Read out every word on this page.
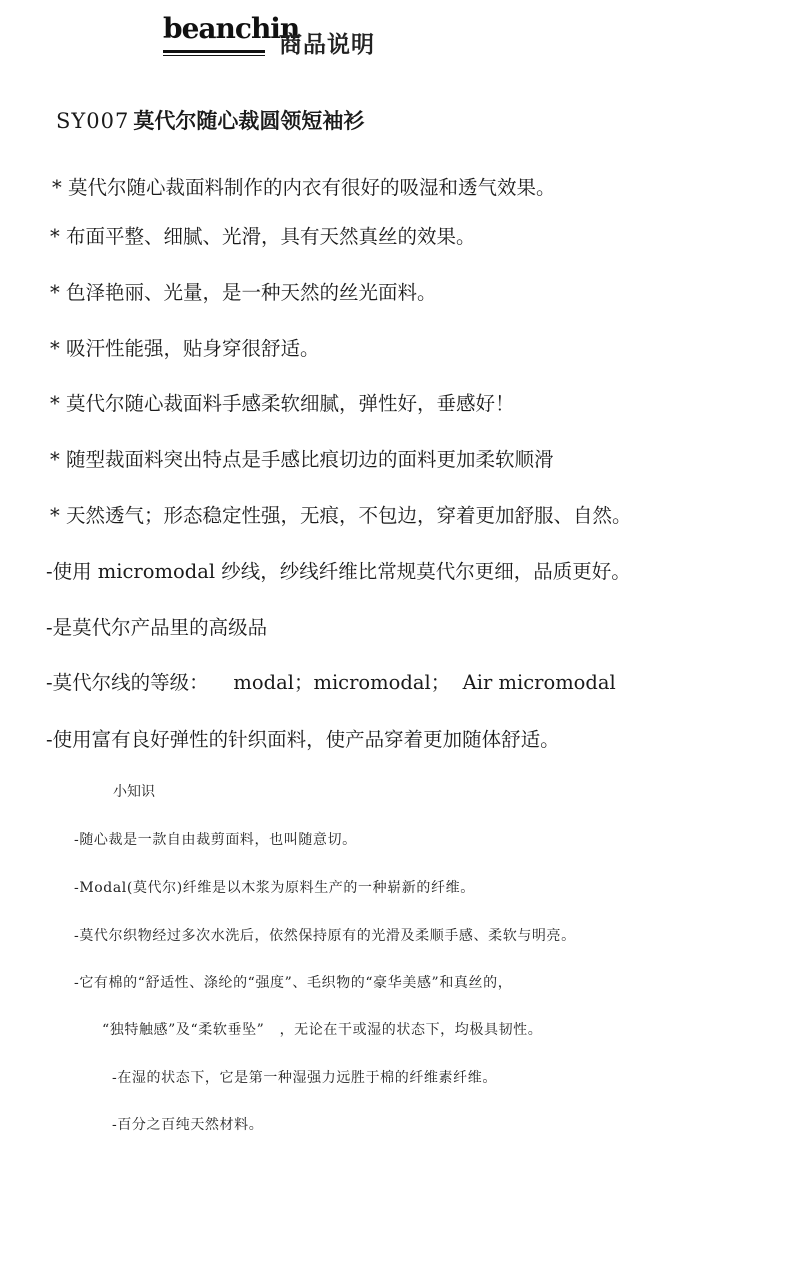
beanchin
商品说明
SY007 莫代尔随心裁圆领短袖衫
* 莫代尔随心裁面料制作的内衣有很好的吸湿和透气效果。
* 布面平整、细腻、光滑，具有天然真丝的效果。
* 色泽艳丽、光量，是一种天然的丝光面料。
* 吸汗性能强，贴身穿很舒适。
* 莫代尔随心裁面料手感柔软细腻，弹性好，垂感好！
* 随型裁面料突出特点是手感比痕切边的面料更加柔软顺滑
* 天然透气；形态稳定性强，无痕，不包边，穿着更加舒服、自然。
-使用 micromodal 纱线，纱线纤维比常规莫代尔更细，品质更好。
-是莫代尔产品里的高级品
-莫代尔线的等级：    modal；micromodal；  Air micromodal
-使用富有良好弹性的针织面料，使产品穿着更加随体舒适。
小知识
-随心裁是一款自由裁剪面料，也叫随意切。
-Modal(莫代尔)纤维是以木浆为原料生产的一种崭新的纤维。
-莫代尔织物经过多次水洗后，依然保持原有的光滑及柔顺手感、柔软与明亮。
-它有棉的“舒适性、涤纶的“强度”、毛织物的“豪华美感”和真丝的，
“独特触感”及“柔软垂坠”   ，无论在干或湿的状态下，均极具韧性。
-在湿的状态下，它是第一种湿强力远胜于棉的纤维素纤维。
-百分之百纯天然材料。
